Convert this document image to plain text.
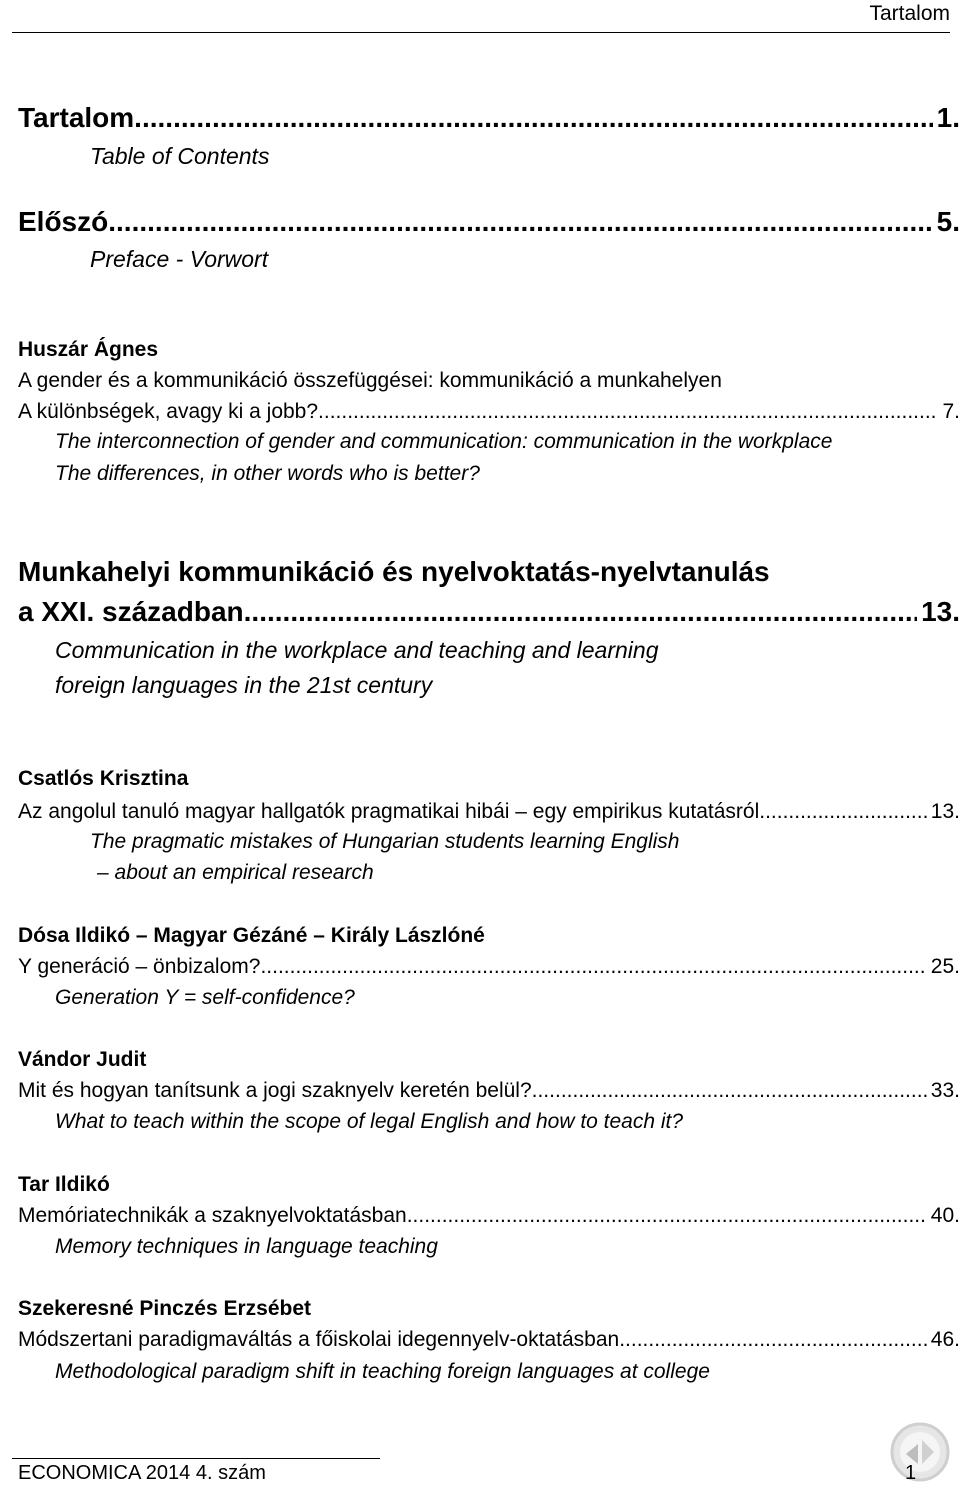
Tartalom
Tartalom .....	1.
Table of Contents
Előszó .....	5.
Preface - Vorwort
Huszár Ágnes
A gender és a kommunikáció összefüggései: kommunikáció a munkahelyen
A különbségek, avagy ki a jobb? .....	7.
The interconnection of gender and communication: communication in the workplace
The differences, in other words who is better?
Munkahelyi kommunikáció és nyelvoktatás-nyelvtanulás
a XXI. században .....	13.
Communication in the workplace and teaching and learning
foreign languages in the 21st century
Csatlós Krisztina
Az angolul tanuló magyar hallgatók pragmatikai hibái – egy empirikus kutatásról .....	13.
The pragmatic mistakes of Hungarian students learning English
– about an empirical research
Dósa Ildikó – Magyar Gézáné – Király Lászlóné
Y generáció – önbizalom? .....	25.
Generation Y = self-confidence?
Vándor Judit
Mit és hogyan tanítsunk a jogi szaknyelv keretén belül? .....	33.
What to teach within the scope of legal English and how to teach it?
Tar Ildikó
Memóriatechnikák a szaknyelvoktatásban .....	40.
Memory techniques in language teaching
Szekeresné Pinczés Erzsébet
Módszertani paradigmaváltás a főiskolai idegennyelv-oktatásban .....	46.
Methodological paradigm shift in teaching foreign languages at college
ECONOMICA 2014 4. szám	1
